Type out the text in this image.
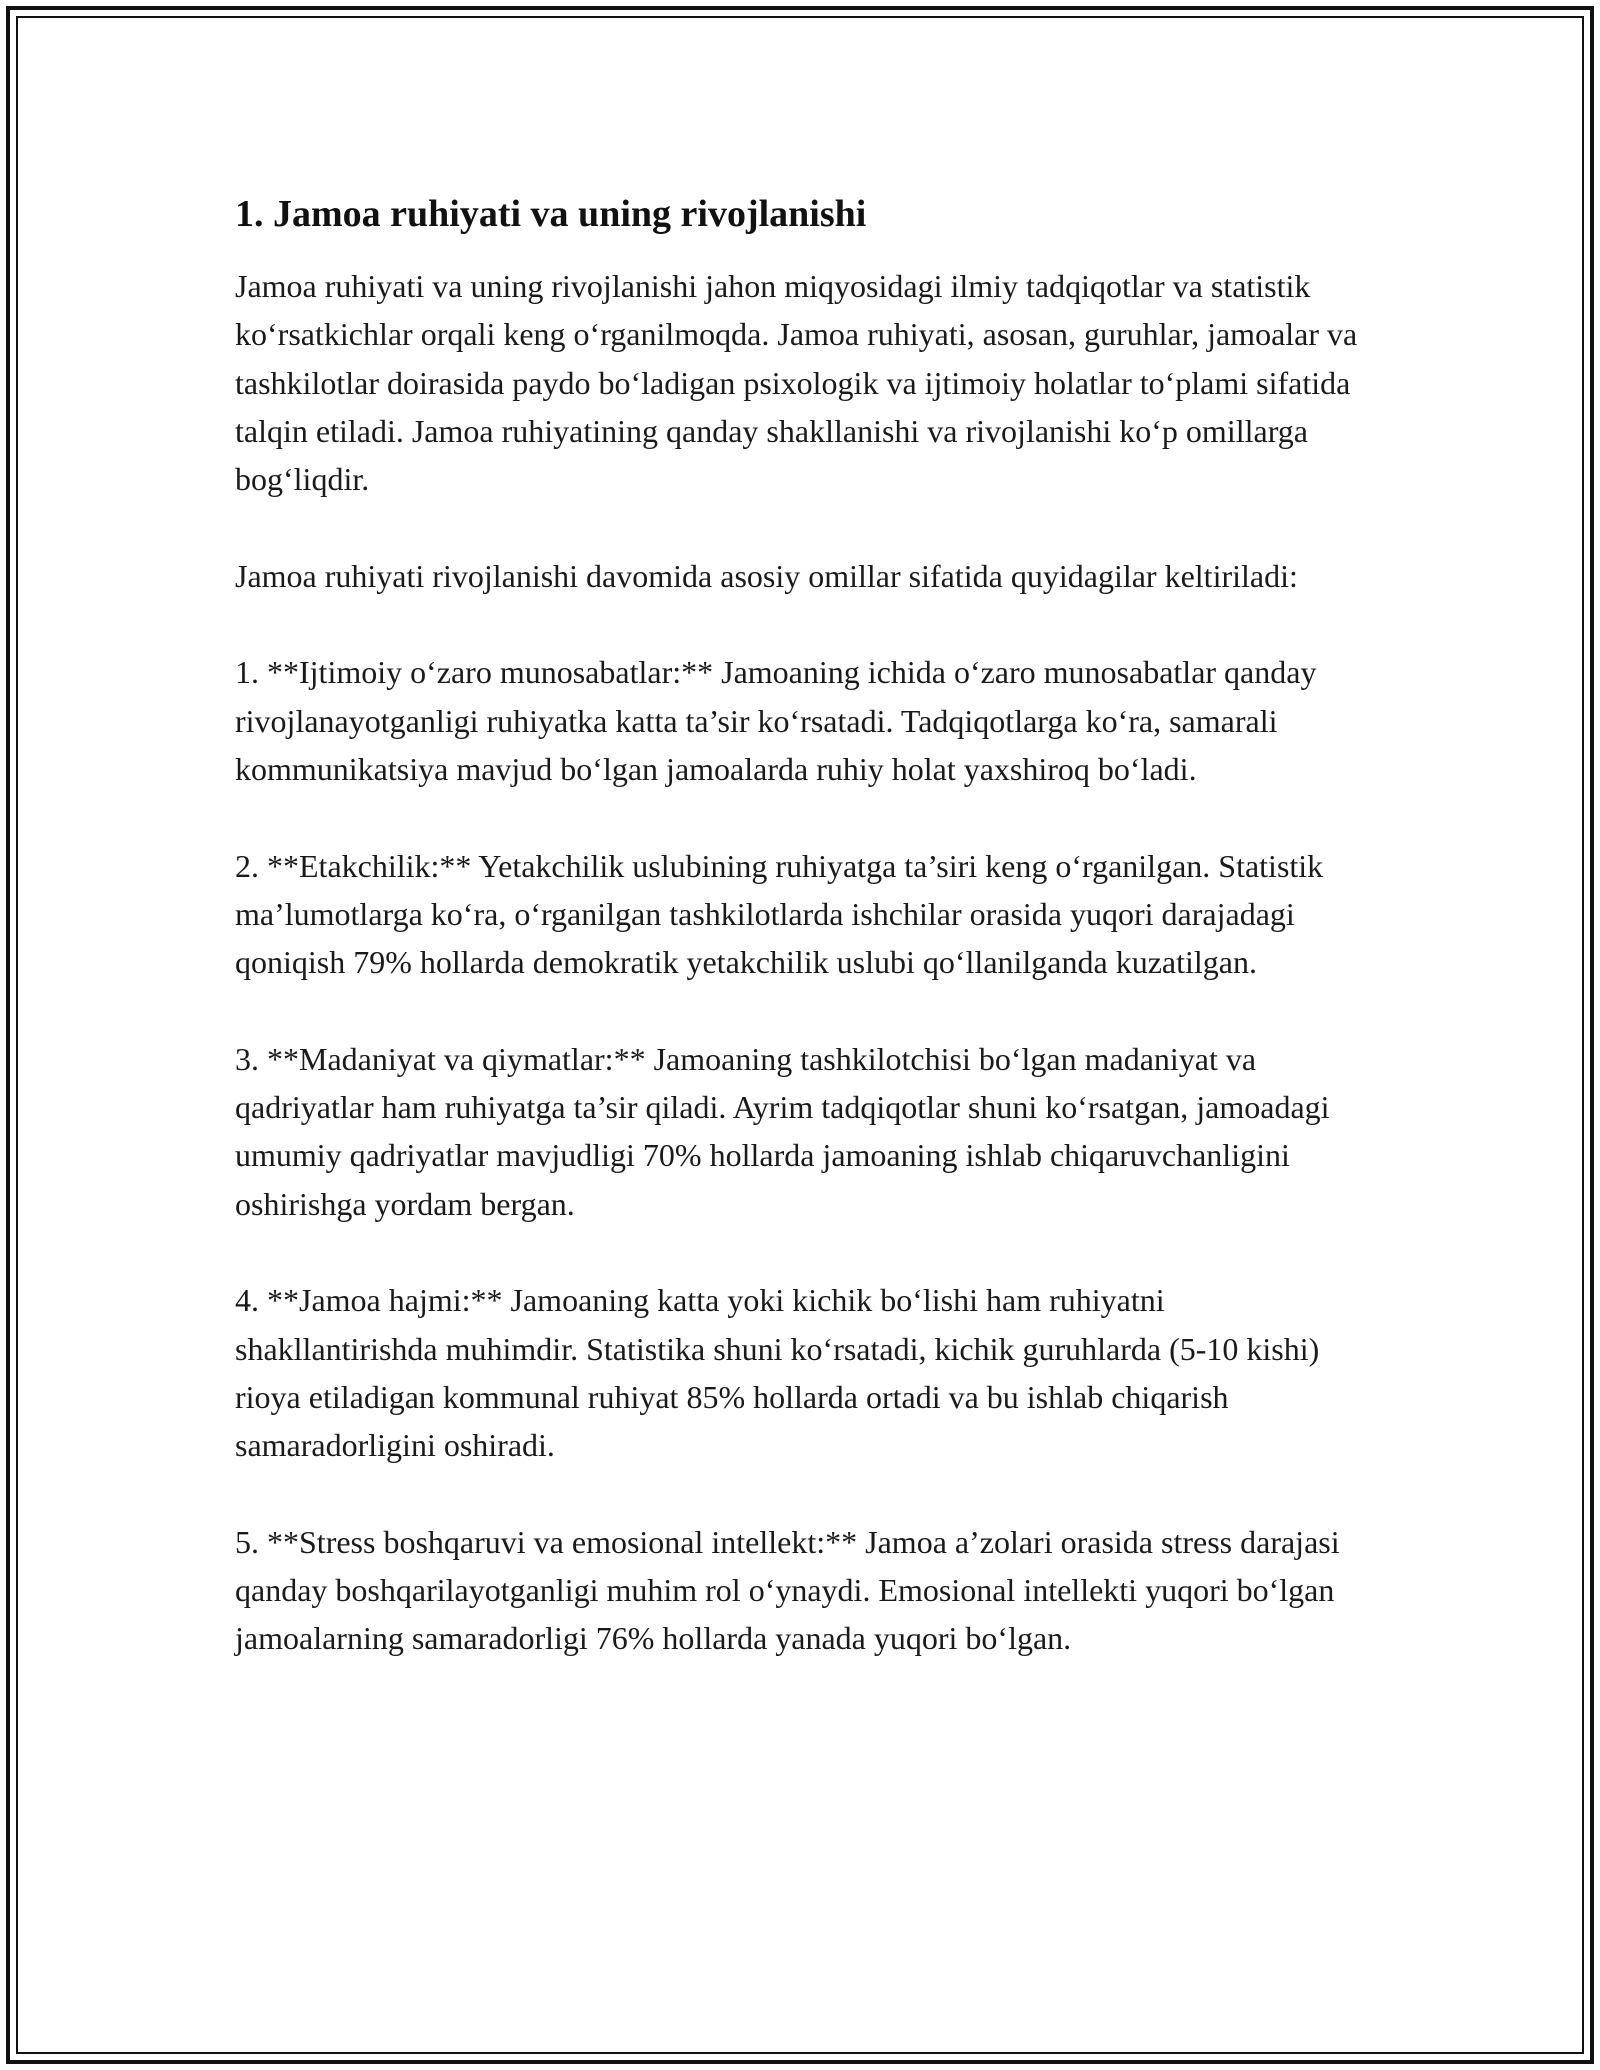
1. Jamoa ruhiyati va uning rivojlanishi

Jamoa ruhiyati va uning rivojlanishi jahon miqyosidagi ilmiy tadqiqotlar va statistik ko‘rsatkichlar orqali keng o‘rganilmoqda. Jamoa ruhiyati, asosan, guruhlar, jamoalar va tashkilotlar doirasida paydo bo‘ladigan psixologik va ijtimoiy holatlar to‘plami sifatida talqin etiladi. Jamoa ruhiyatining qanday shakllanishi va rivojlanishi ko‘p omillarga bog‘liqdir.

Jamoa ruhiyati rivojlanishi davomida asosiy omillar sifatida quyidagilar keltiriladi:

1. **Ijtimoiy o‘zaro munosabatlar:** Jamoaning ichida o‘zaro munosabatlar qanday rivojlanayotganligi ruhiyatka katta ta’sir ko‘rsatadi. Tadqiqotlarga ko‘ra, samarali kommunikatsiya mavjud bo‘lgan jamoalarda ruhiy holat yaxshiroq bo‘ladi.

2. **Etakchilik:** Yetakchilik uslubining ruhiyatga ta’siri keng o‘rganilgan. Statistik ma’lumotlarga ko‘ra, o‘rganilgan tashkilotlarda ishchilar orasida yuqori darajadagi qoniqish 79% hollarda demokratik yetakchilik uslubi qo‘llanilganda kuzatilgan.

3. **Madaniyat va qiymatlar:** Jamoaning tashkilotchisi bo‘lgan madaniyat va qadriyatlar ham ruhiyatga ta’sir qiladi. Ayrim tadqiqotlar shuni ko‘rsatgan, jamoadagi umumiy qadriyatlar mavjudligi 70% hollarda jamoaning ishlab chiqaruvchanligini oshirishga yordam bergan.

4. **Jamoa hajmi:** Jamoaning katta yoki kichik bo‘lishi ham ruhiyatni shakllantirishda muhimdir. Statistika shuni ko‘rsatadi, kichik guruhlarda (5-10 kishi) rioya etiladigan kommunal ruhiyat 85% hollarda ortadi va bu ishlab chiqarish samaradorligini oshiradi.

5. **Stress boshqaruvi va emosional intellekt:** Jamoa a’zolari orasida stress darajasi qanday boshqarilayotganligi muhim rol o‘ynaydi. Emosional intellekti yuqori bo‘lgan jamoalarning samaradorligi 76% hollarda yanada yuqori bo‘lgan.
